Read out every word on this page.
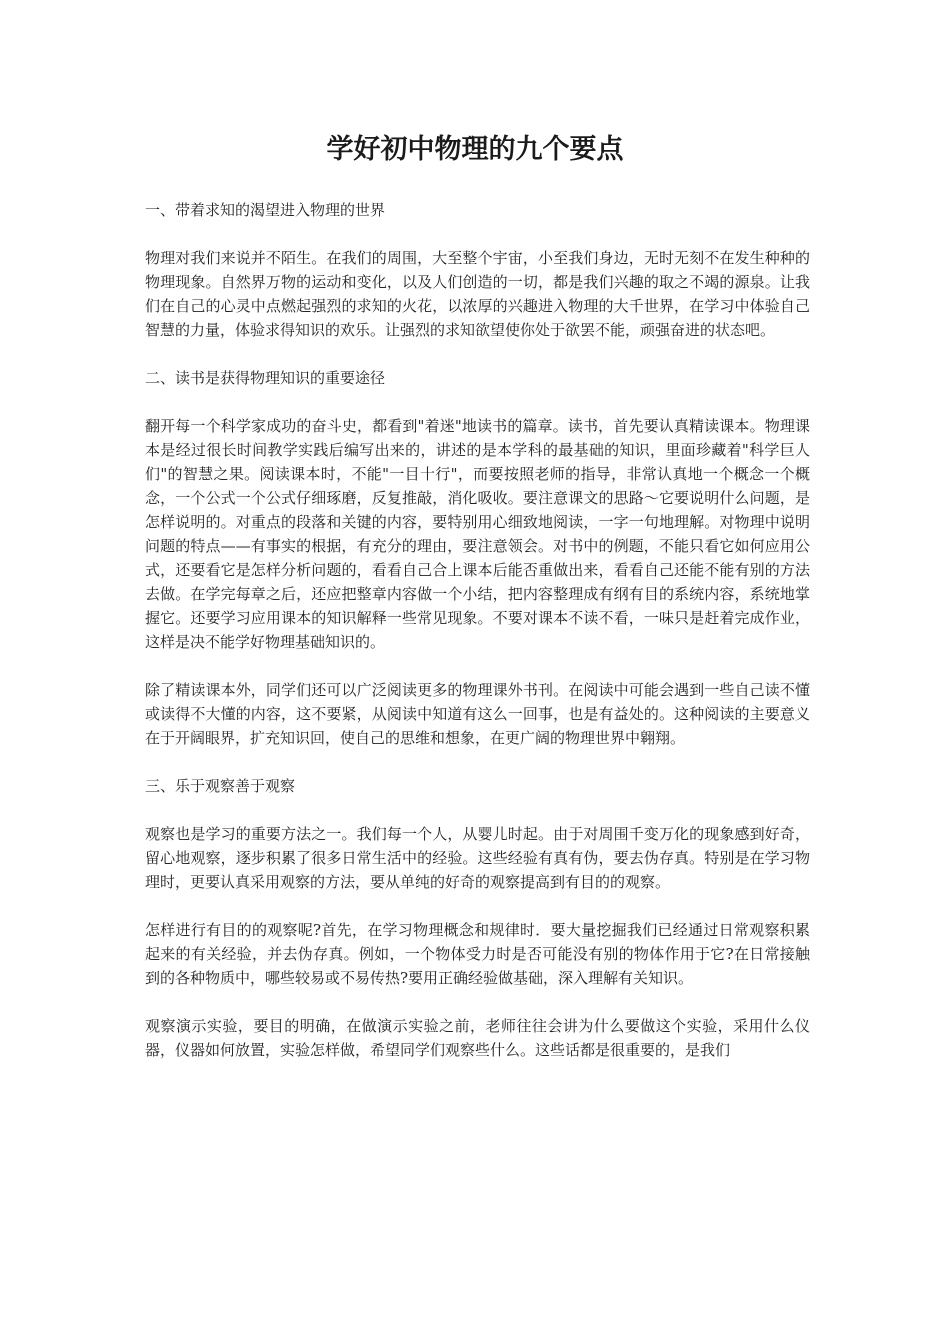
学好初中物理的九个要点

一、带着求知的渴望进入物理的世界

物理对我们来说并不陌生。在我们的周围，大至整个宇宙，小至我们身边，无时无刻不在发生种种的物理现象。自然界万物的运动和变化，以及人们创造的一切，都是我们兴趣的取之不竭的源泉。让我们在自己的心灵中点燃起强烈的求知的火花，以浓厚的兴趣进入物理的大千世界，在学习中体验自己智慧的力量，体验求得知识的欢乐。让强烈的求知欲望使你处于欲罢不能，顽强奋进的状态吧。

二、读书是获得物理知识的重要途径

翻开每一个科学家成功的奋斗史，都看到"着迷"地读书的篇章。读书，首先要认真精读课本。物理课本是经过很长时间教学实践后编写出来的，讲述的是本学科的最基础的知识，里面珍藏着"科学巨人们"的智慧之果。阅读课本时，不能"一目十行"，而要按照老师的指导，非常认真地一个概念一个概念，一个公式一个公式仔细琢磨，反复推敲，消化吸收。要注意课文的思路～它要说明什么问题，是怎样说明的。对重点的段落和关键的内容，要特别用心细致地阅读，一字一句地理解。对物理中说明问题的特点——有事实的根据，有充分的理由，要注意领会。对书中的例题，不能只看它如何应用公式，还要看它是怎样分析问题的，看看自己合上课本后能否重做出来，看看自己还能不能有别的方法去做。在学完每章之后，还应把整章内容做一个小结，把内容整理成有纲有目的系统内容，系统地掌握它。还要学习应用课本的知识解释一些常见现象。不要对课本不读不看，一味只是赶着完成作业，这样是决不能学好物理基础知识的。

除了精读课本外，同学们还可以广泛阅读更多的物理课外书刊。在阅读中可能会遇到一些自己读不懂或读得不大懂的内容，这不要紧，从阅读中知道有这么一回事，也是有益处的。这种阅读的主要意义在于开阔眼界，扩充知识回，使自己的思维和想象，在更广阔的物理世界中翱翔。

三、乐于观察善于观察

观察也是学习的重要方法之一。我们每一个人，从婴儿时起。由于对周围千变万化的现象感到好奇，留心地观察，逐步积累了很多日常生活中的经验。这些经验有真有伪，要去伪存真。特别是在学习物理时，更要认真采用观察的方法，要从单纯的好奇的观察提高到有目的的观察。

怎样进行有目的的观察呢?首先，在学习物理概念和规律时．要大量挖掘我们已经通过日常观察积累起来的有关经验，并去伪存真。例如，一个物体受力时是否可能没有别的物体作用于它?在日常接触到的各种物质中，哪些较易或不易传热?要用正确经验做基础，深入理解有关知识。

观察演示实验，要目的明确，在做演示实验之前，老师往往会讲为什么要做这个实验，采用什么仪器，仪器如何放置，实验怎样做，希望同学们观察些什么。这些话都是很重要的，是我们
